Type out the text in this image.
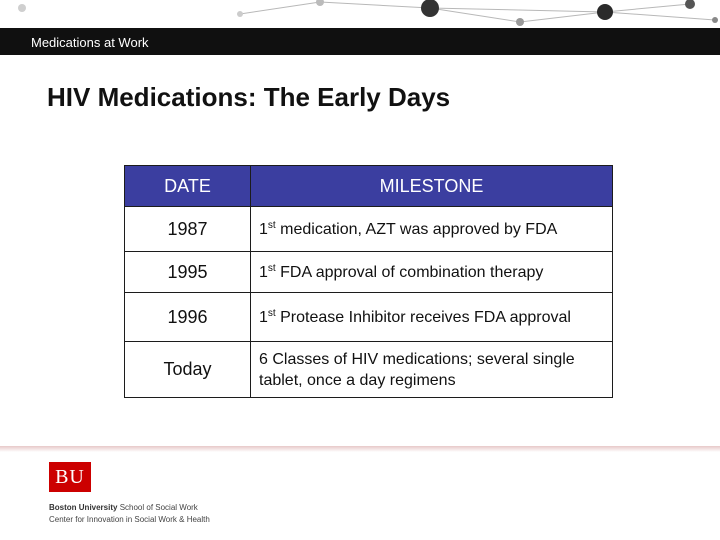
Medications at Work
HIV Medications: The Early Days
DATE	MILESTONE
1987	1st medication, AZT was approved by FDA
1995	1st FDA approval of combination therapy
1996	1st Protease Inhibitor receives FDA approval
Today	6 Classes of HIV medications; several single tablet, once a day regimens
BU
Boston University School of Social Work
Center for Innovation in Social Work & Health
